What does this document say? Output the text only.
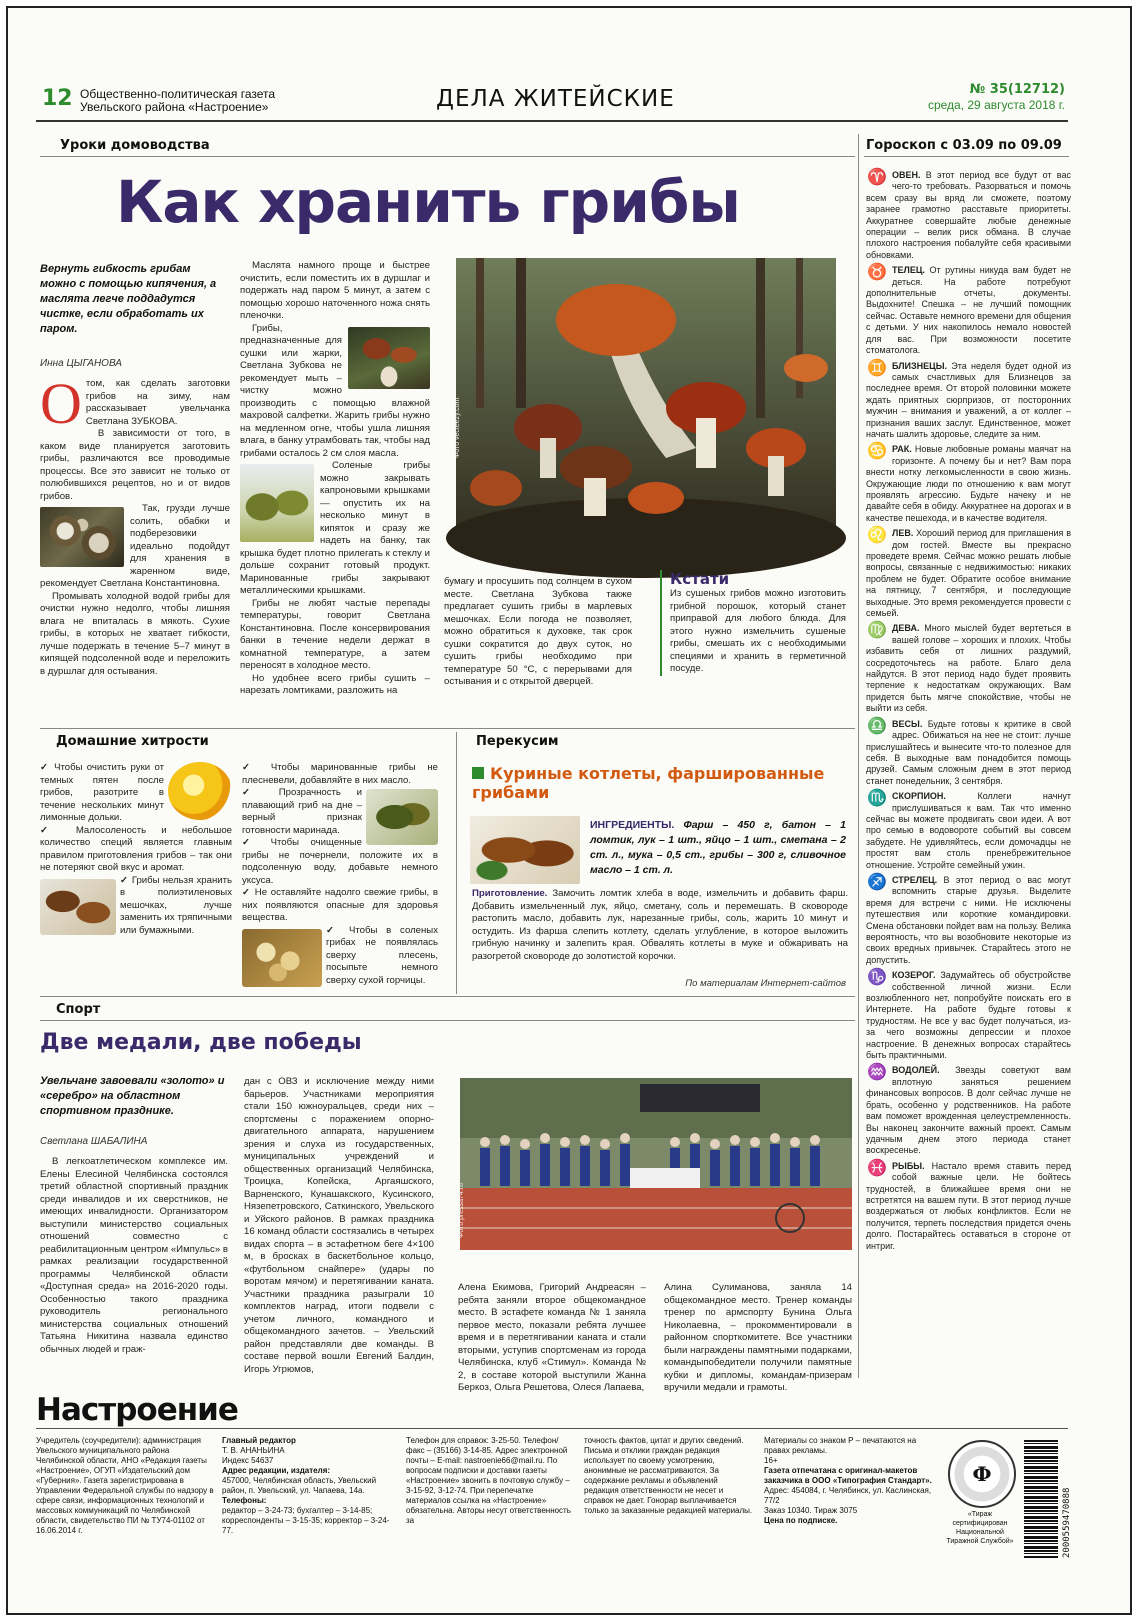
12 Общественно-политическая газета
Увельского района «Настроение»	ДЕЛА ЖИТЕЙСКИЕ	№ 35(12712)
среда, 29 августа 2018 г.
Уроки домоводства
Как хранить грибы
Вернуть гибкость грибам можно с помощью кипячения, а маслята легче поддадутся чистке, если обработать их паром.
Инна ЦЫГАНОВА
О том, как сделать заготовки грибов на зиму, нам рассказывает увельчанка Светлана ЗУБКОВА.
В зависимости от того, в каком виде планируется заготовить грибы, различаются все проводимые процессы. Все это зависит не только от полюбившихся рецептов, но и от видов грибов.
Так, грузди лучше солить, обабки и подберезовики идеально подойдут для хранения в жаренном виде, рекомендует Светлана Константиновна.
Промывать холодной водой грибы для очистки нужно недолго, чтобы лишняя влага не впиталась в мякоть. Сухие грибы, в которых не хватает гибкости, лучше подержать в течение 5–7 минут в кипящей подсоленной воде и переложить в дуршлаг для остывания.
Маслята намного проще и быстрее очистить, если поместить их в дуршлаг и подержать над паром 5 минут, а затем с помощью хорошо наточенного ножа снять пленочки.
Грибы, предназначенные для сушки или жарки, Светлана Зубкова не рекомендует мыть – чистку можно производить с помощью влажной махровой салфетки. Жарить грибы нужно на медленном огне, чтобы ушла лишняя влага, в банку утрамбовать так, чтобы над грибами осталось 2 см слоя масла.
Соленые грибы можно закрывать капроновыми крышками — опустить их на несколько минут в кипяток и сразу же надеть на банку, так крышка будет плотно прилегать к стеклу и дольше сохранит готовый продукт. Маринованные грибы закрывают металлическими крышками.
Грибы не любят частые перепады температуры, говорит Светлана Константиновна. После консервирования банки в течение недели держат в комнатной температуре, а затем переносят в холодное место.
Но удобнее всего грибы сушить – нарезать ломтиками, разложить на
Фото vecteezy.com
бумагу и просушить под солнцем в сухом месте. Светлана Зубкова также предлагает сушить грибы в марлевых мешочках. Если погода не позволяет, можно обратиться к духовке, так срок сушки сократится до двух суток, но сушить грибы необходимо при температуре 50 °С, с перерывами для остывания и с открытой дверцей.
Кстати
Из сушеных грибов можно изготовить грибной порошок, который станет приправой для любого блюда. Для этого нужно измельчить сушеные грибы, смешать их с необходимыми специями и хранить в герметичной посуде.
Гороскоп с 03.09 по 09.09
♈ ОВЕН. В этот период все будут от вас чего-то требовать. Разорваться и помочь всем сразу вы вряд ли сможете, поэтому заранее грамотно расставьте приоритеты. Аккуратнее совершайте любые денежные операции – велик риск обмана. В случае плохого настроения побалуйте себя красивыми обновками.
♉ ТЕЛЕЦ. От рутины никуда вам будет не деться. На работе потребуют дополнительные отчеты, документы. Выдохните! Спешка – не лучший помощник сейчас. Оставьте немного времени для общения с детьми. У них накопилось немало новостей для вас. При возможности посетите стоматолога.
♊ БЛИЗНЕЦЫ. Эта неделя будет одной из самых счастливых для Близнецов за последнее время. От второй половинки можете ждать приятных сюрпризов, от посторонних мужчин – внимания и уважений, а от коллег – признания ваших заслуг. Единственное, может начать шалить здоровье, следите за ним.
♋ РАК. Новые любовные романы маячат на горизонте. А почему бы и нет? Вам пора внести нотку легкомысленности в свою жизнь. Окружающие люди по отношению к вам могут проявлять агрессию. Будьте начеку и не давайте себя в обиду. Аккуратнее на дорогах и в качестве пешехода, и в качестве водителя.
♌ ЛЕВ. Хороший период для приглашения в дом гостей. Вместе вы прекрасно проведете время. Сейчас можно решать любые вопросы, связанные с недвижимостью: никаких проблем не будет. Обратите особое внимание на пятницу, 7 сентября, и последующие выходные. Это время рекомендуется провести с семьей.
♍ ДЕВА. Много мыслей будет вертеться в вашей голове – хороших и плохих. Чтобы избавить себя от лишних раздумий, сосредоточьтесь на работе. Благо дела найдутся. В этот период надо будет проявить терпение к недостаткам окружающих. Вам придется быть мягче спокойствие, чтобы не выйти из себя.
♎ ВЕСЫ. Будьте готовы к критике в свой адрес. Обижаться на нее не стоит: лучше прислушайтесь и вынесите что-то полезное для себя. В выходные вам понадобится помощь друзей. Самым сложным днем в этот период станет понедельник, 3 сентября.
♏ СКОРПИОН.	Коллеги начнут прислушиваться к вам. Так что именно сейчас вы можете продвигать свои идеи. А вот про семью в водовороте событий вы совсем забудете. Не удивляйтесь, если домочадцы не простят вам столь пренебрежительное отношение. Устройте семейный ужин.
♐ СТРЕЛЕЦ. В этот период о вас могут вспомнить старые друзья. Выделите время для встречи с ними. Не исключены путешествия или короткие командировки. Смена обстановки пойдет вам на пользу. Велика вероятность, что вы возобновите некоторые из своих вредных привычек. Старайтесь этого не допустить.
♑ КОЗЕРОГ. Задумайтесь об обустройстве собственной личной жизни. Если возлюбленного нет, попробуйте поискать его в Интернете. На работе будьте готовы к трудностям. Не все у вас будет получаться, из-за чего возможны депрессии и плохое настроение. В денежных вопросах старайтесь быть практичными.
♒ ВОДОЛЕЙ. Звезды советуют вам вплотную заняться решением финансовых вопросов. В долг сейчас лучше не брать, особенно у родственников. На работе вам поможет врожденная целеустремленность. Вы наконец закончите важный проект. Самым удачным днем этого периода станет воскресенье.
♓ РЫБЫ. Настало время ставить перед собой важные цели. Не бойтесь трудностей, в ближайшее время они не встретятся на вашем пути. В этот период лучше воздержаться от любых конфликтов. Если не получится, терпеть последствия придется очень долго. Постарайтесь оставаться в стороне от интриг.
Домашние хитрости	Перекусим
✓ Чтобы очистить руки от темных пятен после грибов, разотрите в течение нескольких минут лимонные дольки.
✓ Малосоленость и небольшое количество специй является главным правилом приготовления грибов – так они не потеряют свой вкус и аромат.
✓ Грибы нельзя хранить в полиэтиленовых мешочках, лучше заменить их тряпичными или бумажными.
✓ Чтобы маринованные грибы не плесневели, добавляйте в них масло.
✓ Прозрачность и плавающий гриб на дне – верный признак готовности маринада.
✓ Чтобы очищенные грибы не почернели, положите их в подсоленную воду, добавьте немного уксуса.
✓ Не оставляйте надолго свежие грибы, в них появляются опасные для здоровья вещества.
✓ Чтобы в соленых грибах не появлялась сверху плесень, посыпьте немного сверху сухой горчицы.
Куриные котлеты, фаршированные грибами
ИНГРЕДИЕНТЫ. Фарш – 450 г, батон – 1 ломтик, лук – 1 шт., яйцо – 1 шт., сметана – 2 ст. л., мука – 0,5 ст., грибы – 300 г, сливочное масло – 1 ст. л.
Приготовление. Замочить ломтик хлеба в воде, измельчить и добавить фарш. Добавить измельченный лук, яйцо, сметану, соль и перемешать. В сковороде растопить масло, добавить лук, нарезанные грибы, соль, жарить 10 минут и остудить. Из фарша слепить котлету, сделать углубление, в которое выложить грибную начинку и залепить края. Обвалять котлеты в муке и обжаривать на разогретой сковороде до золотистой корочки.
По материалам Интернет-сайтов
Спорт
Две медали, две победы
Увельчане завоевали «золото» и «серебро» на областном спортивном празднике.
Светлана ШАБАЛИНА
В легкоатлетическом комплексе им. Елены Елесиной Челябинска состоялся третий областной спортивный праздник среди инвалидов и их сверстников, не имеющих инвалидности. Организатором выступили министерство социальных отношений совместно с реабилитационным центром «Импульс» в рамках реализации государственной программы Челябинской области «Доступная среда» на 2016-2020 годы. Особенностью такого праздника руководитель регионального министерства социальных отношений Татьяна Никитина назвала единство обычных людей и граж-
дан с ОВЗ и исключение между ними барьеров. Участниками мероприятия стали 150 южноуральцев, среди них – спортсмены с поражением опорно-двигательного аппарата, нарушением зрения и слуха из государственных, муниципальных учреждений и общественных организаций Челябинска, Троицка, Копейска, Аргаяшского, Варненского, Кунашакского, Кусинского, Нязепетровского, Саткинского, Увельского и Уйского районов. В рамках праздника 16 команд области состязались в четырех видах спорта – в эстафетном беге 4×100 м, в бросках в баскетбольное кольцо, «футбольном снайпере» (удары по воротам мячом) и перетягивании каната. Участники праздника разыграли 10 комплектов наград, итоги подвели с учетом личного, командного и общекомандного зачетов. – Увельский район представляли две команды. В составе первой вошли Евгений Балдин, Игорь Угрюмов,
Фото pressa74.ru
Алена Екимова, Григорий Андреасян – ребята заняли второе общекомандное место. В эстафете команда № 1 заняла первое место, показали ребята лучшее время и в перетягивании каната и стали вторыми, уступив спортсменам из города Челябинска, клуб «Стимул». Команда № 2, в составе которой выступили Жанна Беркоз, Ольга Решетова, Олеся Лапаева,
Алина Сулиманова, заняла 14 общекомандное место. Тренер команды тренер по армспорту Бунина Ольга Николаевна, – прокомментировали в районном спорткомитете. Все участники были награждены памятными подарками, командыпобедители получили памятные кубки и дипломы, командам-призерам вручили медали и грамоты.
Настроение
Учредитель (соучредители): администрация Увельского муниципального района Челябинской области, АНО «Редакция газеты «Настроение», ОГУП «Издательский дом «Губерния». Газета зарегистрирована в Управлении Федеральной службы по надзору в сфере связи, информационных технологий и массовых коммуникаций по Челябинской области, свидетельство ПИ № ТУ74-01102 от 16.06.2014 г.
Главный редактор
Т. В. АНАНЬИНА
Индекс 54637
Адрес редакции, издателя:
457000, Челябинская область, Увельский район, п. Увельский, ул. Чапаева, 14а.
Телефоны:
редактор – 3-24-73; бухгалтер – 3-14-85; корреспонденты – 3-15-35; корректор – 3-24-77.
Телефон для справок: 3-25-50. Телефон/факс – (35166) 3-14-85. Адрес электронной почты – E-mail: nastroenie66@mail.ru. По вопросам подписки и доставки газеты «Настроение» звонить в почтовую службу – 3-15-92, 3-12-74. При перепечатке материалов ссылка на «Настроение» обязательна. Авторы несут ответственность за
точность фактов, цитат и других сведений. Письма и отклики граждан редакция использует по своему усмотрению, анонимные не рассматриваются. За содержание рекламы и объявлений редакция ответственности не несет и справок не дает. Гонорар выплачивается только за заказанные редакцией материалы.
Материалы со знаком Р – печатаются на правах рекламы.
16+
Газета отпечатана с оригинал-макетов заказчика в ООО «Типография Стандарт».
Адрес: 454084, г. Челябинск, ул. Каслинская, 77/2
Заказ 10340. Тираж 3075
Цена по подписке.
Ф
«Тираж сертифицирован Национальной Тиражной Службой»	2000559470888
